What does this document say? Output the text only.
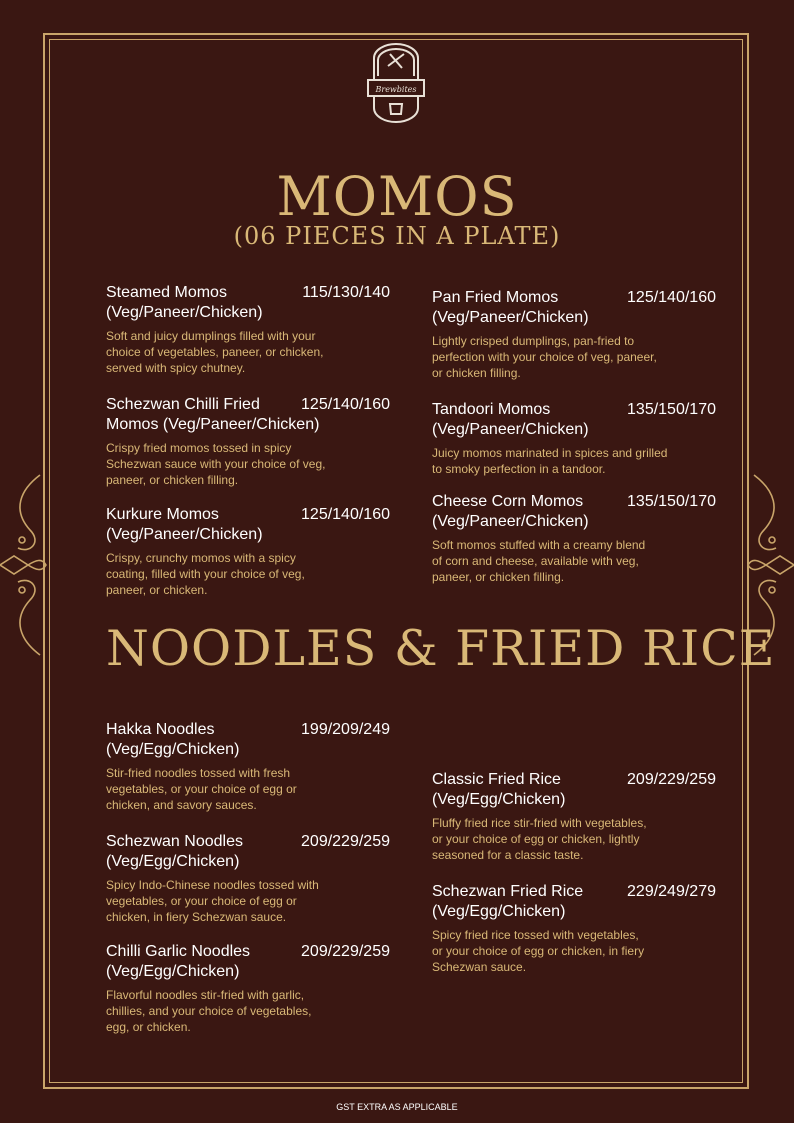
Brewbites
MOMOS
(06 PIECES IN A PLATE)
Steamed Momos
(Veg/Paneer/Chicken)
115/130/140
Soft and juicy dumplings filled with your
choice of vegetables, paneer, or chicken,
served with spicy chutney.
Schezwan Chilli Fried
Momos (Veg/Paneer/Chicken)
125/140/160
Crispy fried momos tossed in spicy
Schezwan sauce with your choice of veg,
paneer, or chicken filling.
Kurkure Momos
(Veg/Paneer/Chicken)
125/140/160
Crispy, crunchy momos with a spicy
coating, filled with your choice of veg,
paneer, or chicken.
Pan Fried Momos
(Veg/Paneer/Chicken)
125/140/160
Lightly crisped dumplings, pan-fried to
perfection with your choice of veg, paneer,
or chicken filling.
Tandoori Momos
(Veg/Paneer/Chicken)
135/150/170
Juicy momos marinated in spices and grilled
to smoky perfection in a tandoor.
Cheese Corn Momos
(Veg/Paneer/Chicken)
135/150/170
Soft momos stuffed with a creamy blend
of corn and cheese, available with veg,
paneer, or chicken filling.
NOODLES & FRIED RICE
Hakka Noodles
(Veg/Egg/Chicken)
199/209/249
Stir-fried noodles tossed with fresh
vegetables, or your choice of egg or
chicken, and savory sauces.
Schezwan Noodles
(Veg/Egg/Chicken)
209/229/259
Spicy Indo-Chinese noodles tossed with
vegetables, or your choice of egg or
chicken, in fiery Schezwan sauce.
Chilli Garlic Noodles
(Veg/Egg/Chicken)
209/229/259
Flavorful noodles stir-fried with garlic,
chillies, and your choice of vegetables,
egg, or chicken.
Classic Fried Rice
(Veg/Egg/Chicken)
209/229/259
Fluffy fried rice stir-fried with vegetables,
or your choice of egg or chicken, lightly
seasoned for a classic taste.
Schezwan Fried Rice
(Veg/Egg/Chicken)
229/249/279
Spicy fried rice tossed with vegetables,
or your choice of egg or chicken, in fiery
Schezwan sauce.
GST EXTRA AS APPLICABLE
